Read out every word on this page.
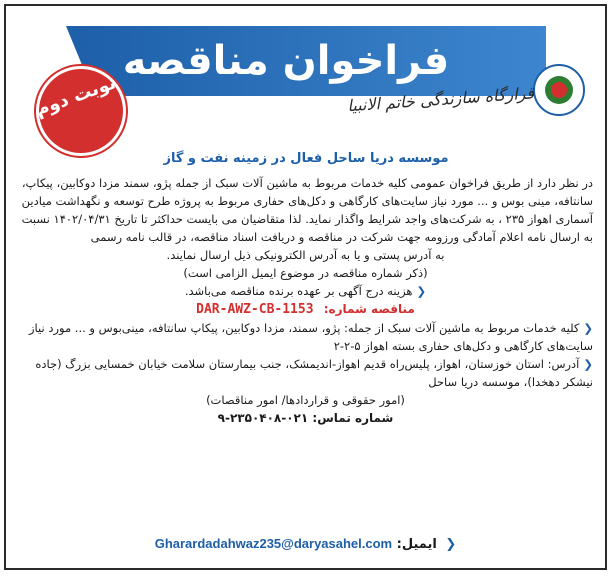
فراخوان مناقصه
قرارگاه سازندگی خاتم الانبیا
نوبت دوم
موسسه دریا ساحل فعال در زمینه نفت و گاز

در نظر دارد از طریق فراخوان عمومی کلیه خدمات مربوط به ماشین آلات سبک از جمله پژو، سمند مزدا دوکابین، پیکاپ، سانتافه، مینی بوس و ... مورد نیاز سایت‌های کارگاهی و دکل‌های حفاری مربوط به پروژه طرح توسعه و نگهداشت میادین آسماری اهواز ۲۳۵ ، به شرکت‌های واجد شرایط واگذار نماید. لذا متقاضیان می بایست حداکثر تا تاریخ ۱۴۰۲/۰۴/۳۱ نسبت به ارسال نامه اعلام آمادگی ورزومه جهت شرکت در مناقصه و دریافت اسناد مناقصه، در قالب نامه رسمی

به آدرس پستی و یا به آدرس الکترونیکی ذیل ارسال نمایند.

(ذکر شماره مناقصه در موضوع ایمیل الزامی است)

❮هزینه درج آگهی بر عهده برنده مناقصه می‌باشد.

مناقصه شماره: DAR-AWZ-CB-1153

❮کلیه خدمات مربوط به ماشین آلات سبک از جمله: پژو، سمند، مزدا دوکابین، پیکاپ سانتافه، مینی‌بوس و ... مورد نیاز سایت‌های کارگاهی و دکل‌های حفاری بسته اهواز ۵-۲-۲

❮آدرس: استان خوزستان، اهواز، پلیس‌راه قدیم اهواز-اندیمشک، جنب بیمارستان سلامت خیابان خمسایی بزرگ (جاده نیشکر دهخدا)، موسسه دریا ساحل

(امور حقوقی و قراردادها/ امور مناقصات)

شماره تماس: ۰۲۱-۲۳۵۰۴۰۸-۹

❮ ایمیل: Gharardadahwaz235@daryasahel.com
